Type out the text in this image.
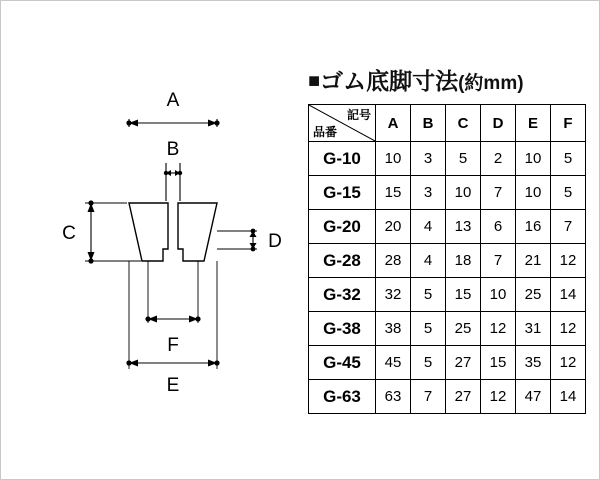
A
B
C	D
F
E
■ゴム底脚寸法(約mm)
記号
品番	A	B	C	D	E	F
G-10	10	3	5	2	10	5
G-15	15	3	10	7	10	5
G-20	20	4	13	6	16	7
G-28	28	4	18	7	21	12
G-32	32	5	15	10	25	14
G-38	38	5	25	12	31	12
G-45	45	5	27	15	35	12
G-63	63	7	27	12	47	14
